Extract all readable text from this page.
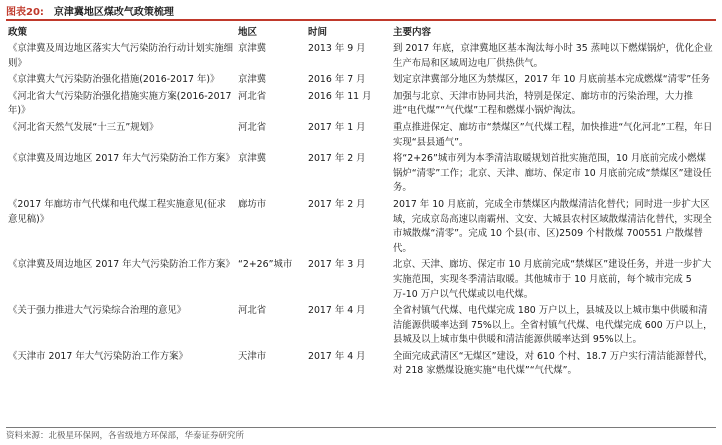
图表20: 京津冀地区煤改气政策梳理
政策	地区	时间	主要内容
《京津冀及周边地区落实大气污染防治行动计划实施细则》	京津冀	2013 年 9 月	到 2017 年底，京津冀地区基本淘汰每小时 35 蒸吨以下燃煤锅炉，优化企业生产布局和区域周边电厂供热供气。
《京津冀大气污染防治强化措施(2016-2017 年)》	京津冀	2016 年 7 月	划定京津冀部分地区为禁煤区，2017 年 10 月底前基本完成燃煤“清零”任务
《河北省大气污染防治强化措施实施方案(2016-2017 年)》	河北省	2016 年 11 月	加强与北京、天津市协同共治，特别是保定、廊坊市的污染治理，大力推进“电代煤”“气代煤”工程和燃煤小锅炉淘汰。
《河北省天然气发展“十三五”规划》	河北省	2017 年 1 月	重点推进保定、廊坊市“禁煤区”气代煤工程，加快推进“气化河北”工程，年日实现“县县通气”。
《京津冀及周边地区 2017 年大气污染防治工作方案》	京津冀	2017 年 2 月	将“2+26”城市列为本季清洁取暖规划首批实施范围，10 月底前完成小燃煤锅炉“清零”工作；北京、天津、廊坊、保定市 10 月底前完成“禁煤区”建设任务。
《2017 年廊坊市气代煤和电代煤工程实施意见(征求意见稿)》	廊坊市	2017 年 2 月	2017 年 10 月底前，完成全市禁煤区内散煤清洁化替代；同时进一步扩大区域，完成京岛高速以南霸州、文安、大城县农村区域散煤清洁化替代，实现全市城散煤“清零”。完成 10 个县(市、区)2509 个村散煤 700551 户散煤替代。
《京津冀及周边地区 2017 年大气污染防治工作方案》	“2+26”城市	2017 年 3 月	北京、天津、廊坊、保定市 10 月底前完成“禁煤区”建设任务，并进一步扩大实施范围，实现冬季清洁取暖。其他城市于 10 月底前，每个城市完成 5 万-10 万户以气代煤或以电代煤。
《关于强力推进大气污染综合治理的意见》	河北省	2017 年 4 月	全省村镇气代煤、电代煤完成 180 万户以上，县城及以上城市集中供暖和清洁能源供暖率达到 75%以上。全省村镇气代煤、电代煤完成 600 万户以上，县城及以上城市集中供暖和清洁能源供暖率达到 95%以上。
《天津市 2017 年大气污染防治工作方案》	天津市	2017 年 4 月	全面完成武清区“无煤区”建设，对 610 个村、18.7 万户实行清洁能源替代，对 218 家燃煤设施实施“电代煤”“气代煤”。
资料来源：北极星环保网，各省级地方环保部，华泰证券研究所
